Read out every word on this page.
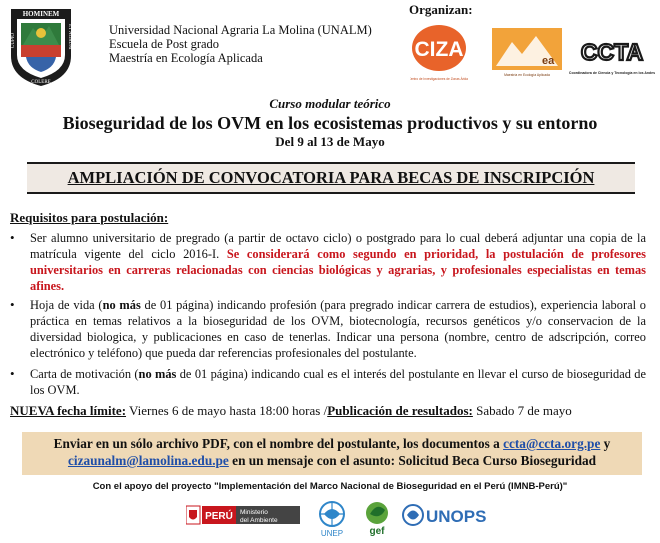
HOMINEM
CUPIO	ET AGRUM
COLERE
Universidad Nacional Agraria La Molina (UNALM)
Escuela de Post grado
Maestría en Ecología Aplicada
Organizan:
CIZA
Centro de Investigaciones de Zonas Áridas
ea
Maestría en Ecología Aplicada
CCTA
Coordinadora de Ciencia y Tecnología en los Andes
Curso modular teórico
Bioseguridad de los OVM en los ecosistemas productivos y su entorno
Del 9 al 13 de Mayo
AMPLIACIÓN DE CONVOCATORIA PARA BECAS DE INSCRIPCIÓN
Requisitos para postulación:
• Ser alumno universitario de pregrado (a partir de octavo ciclo) o postgrado para lo cual deberá adjuntar una copia de la matrícula vigente del ciclo 2016-I. Se considerará como segundo en prioridad, la postulación de profesores universitarios en carreras relacionadas con ciencias biológicas y agrarias, y profesionales especialistas en temas afines.
• Hoja de vida (no más de 01 página) indicando profesión (para pregrado indicar carrera de estudios), experiencia laboral o práctica en temas relativos a la bioseguridad de los OVM, biotecnología, recursos genéticos y/o conservacion de la diversidad biologica, y publicaciones en caso de tenerlas. Indicar una persona (nombre, centro de adscripción, correo electrónico y teléfono) que pueda dar referencias profesionales del postulante.
• Carta de motivación (no más de 01 página) indicando cual es el interés del postulante en llevar el curso de bioseguridad de los OVM.
NUEVA fecha límite: Viernes 6 de mayo hasta 18:00 horas /Publicación de resultados: Sabado 7 de mayo
Enviar en un sólo archivo PDF, con el nombre del postulante, los documentos a ccta@ccta.org.pe y
cizaunalm@lamolina.edu.pe en un mensaje con el asunto: Solicitud Beca Curso Bioseguridad
Con el apoyo del proyecto "Implementación del Marco Nacional de Bioseguridad en el Perú (IMNB-Perú)"
PERÚ Ministerio
del Ambiente
UNEP	gef
UNOPS
